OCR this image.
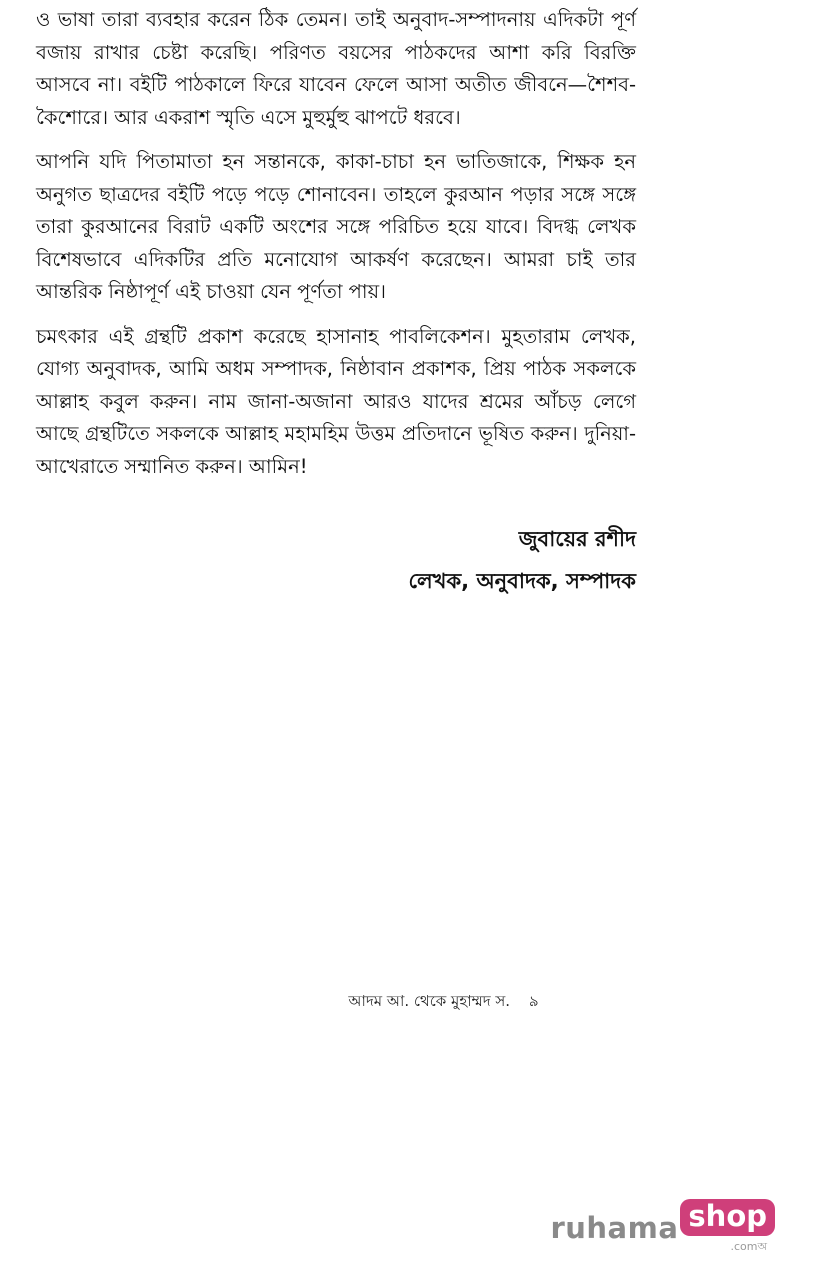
ও ভাষা তারা ব্যবহার করেন ঠিক তেমন। তাই অনুবাদ-সম্পাদনায় এদিকটা পূর্ণ বজায় রাখার চেষ্টা করেছি। পরিণত বয়সের পাঠকদের আশা করি বিরক্তি আসবে না। বইটি পাঠকালে ফিরে যাবেন ফেলে আসা অতীত জীবনে—শৈশব-কৈশোরে। আর একরাশ স্মৃতি এসে মুহুর্মুহু ঝাপটে ধরবে।

আপনি যদি পিতামাতা হন সন্তানকে, কাকা-চাচা হন ভাতিজাকে, শিক্ষক হন অনুগত ছাত্রদের বইটি পড়ে পড়ে শোনাবেন। তাহলে কুরআন পড়ার সঙ্গে সঙ্গে তারা কুরআনের বিরাট একটি অংশের সঙ্গে পরিচিত হয়ে যাবে। বিদগ্ধ লেখক বিশেষভাবে এদিকটির প্রতি মনোযোগ আকর্ষণ করেছেন। আমরা চাই তার আন্তরিক নিষ্ঠাপূর্ণ এই চাওয়া যেন পূর্ণতা পায়।

চমৎকার এই গ্রন্থটি প্রকাশ করেছে হাসানাহ পাবলিকেশন। মুহতারাম লেখক, যোগ্য অনুবাদক, আমি অধম সম্পাদক, নিষ্ঠাবান প্রকাশক, প্রিয় পাঠক সকলকে আল্লাহ কবুল করুন। নাম জানা-অজানা আরও যাদের শ্রমের আঁচড় লেগে আছে গ্রন্থটিতে সকলকে আল্লাহ মহামহিম উত্তম প্রতিদানে ভূষিত করুন। দুনিয়া-আখেরাতে সম্মানিত করুন। আমিন!

জুবায়ের রশীদ
লেখক, অনুবাদক, সম্পাদক
আদম আ. থেকে মুহাম্মদ স. ৯
ruhama shop
.comঅ
